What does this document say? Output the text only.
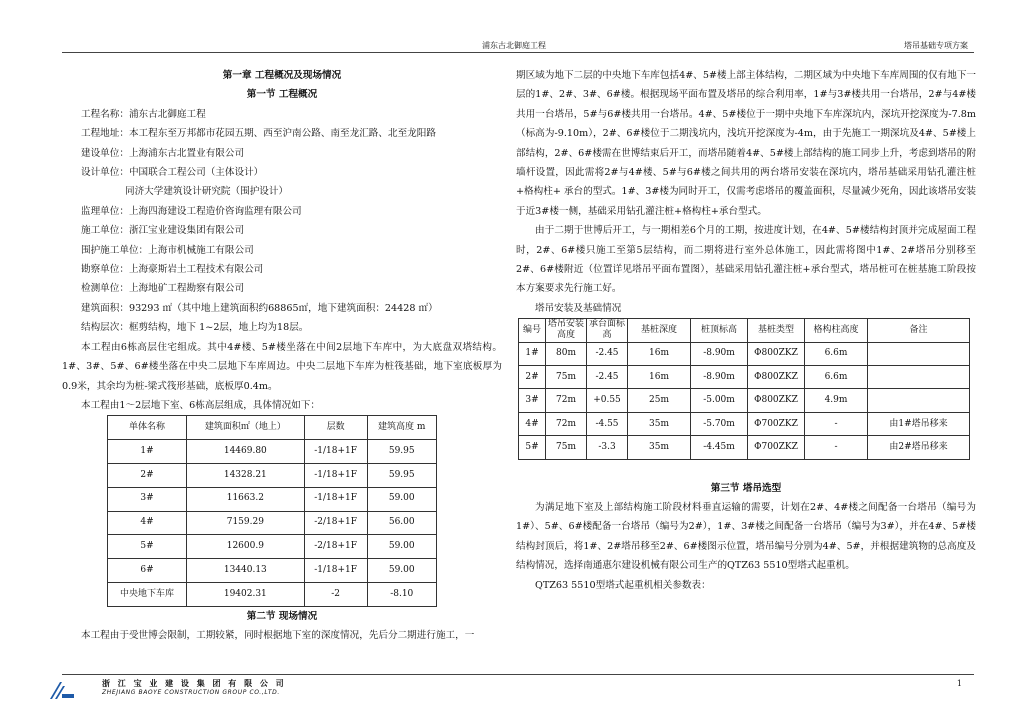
浦东古北御庭工程	塔吊基础专项方案

第一章 工程概况及现场情况

第一节 工程概况

工程名称：浦东古北御庭工程

工程地址：本工程东至万邦都市花园五期、西至沪南公路、南至龙汇路、北至龙阳路

建设单位：上海浦东古北置业有限公司

设计单位：中国联合工程公司（主体设计）

同济大学建筑设计研究院（围护设计）

监理单位：上海四海建设工程造价咨询监理有限公司

施工单位：浙江宝业建设集团有限公司

围护施工单位：上海市机械施工有限公司

勘察单位：上海豪斯岩土工程技术有限公司

检测单位：上海地矿工程勘察有限公司

建筑面积：93293 ㎡（其中地上建筑面积约68865㎡，地下建筑面积：24428 ㎡）

结构层次：框剪结构，地下 1~2层，地上均为18层。

本工程由6栋高层住宅组成。其中4#楼、5#楼坐落在中间2层地下车库中，为大底盘双塔结构。1#、3#、5#、6#楼坐落在中央二层地下车库周边。中央二层地下车库为桩筏基础，地下室底板厚为0.9米，其余均为桩-梁式筏形基础，底板厚0.4m。

本工程由1～2层地下室、6栋高层组成，具体情况如下：

单体名称	建筑面积㎡（地上）	层数	建筑高度 m
1#	14469.80	-1/18+1F	59.95
2#	14328.21	-1/18+1F	59.95
3#	11663.2	-1/18+1F	59.00
4#	7159.29	-2/18+1F	56.00
5#	12600.9	-2/18+1F	59.00
6#	13440.13	-1/18+1F	59.00
中央地下车库	19402.31	-2	-8.10

第二节 现场情况

本工程由于受世博会限制，工期较紧，同时根据地下室的深度情况，先后分二期进行施工，一

期区域为地下二层的中央地下车库包括4#、5#楼上部主体结构，二期区域为中央地下车库周围的仅有地下一层的1#、2#、3#、6#楼。根据现场平面布置及塔吊的综合利用率，1#与3#楼共用一台塔吊，2#与4#楼共用一台塔吊，5#与6#楼共用一台塔吊。4#、5#楼位于一期中央地下车库深坑内，深坑开挖深度为-7.8m（标高为-9.10m），2#、6#楼位于二期浅坑内，浅坑开挖深度为-4m，由于先施工一期深坑及4#、5#楼上部结构，2#、6#楼需在世博结束后开工，而塔吊随着4#、5#楼上部结构的施工同步上升，考虑到塔吊的附墙杆设置，因此需将2#与4#楼、5#与6#楼之间共用的两台塔吊安装在深坑内，塔吊基础采用钻孔灌注桩+格构柱+ 承台的型式。1#、3#楼为同时开工，仅需考虑塔吊的覆盖面积，尽量减少死角，因此该塔吊安装于近3#楼一侧，基础采用钻孔灌注桩+格构柱+承台型式。

由于二期于世博后开工，与一期相差6个月的工期，按进度计划，在4#、5#楼结构封顶并完成屋面工程时，2#、6#楼只施工至第5层结构，而二期将进行室外总体施工，因此需将图中1#、2#塔吊分别移至2#、6#楼附近（位置详见塔吊平面布置图），基础采用钻孔灌注桩+承台型式，塔吊桩可在桩基施工阶段按本方案要求先行施工好。

塔吊安装及基础情况

编号	塔吊安装高度	承台面标高	基桩深度	桩顶标高	基桩类型	格构柱高度	备注
1#	80m	-2.45	16m	-8.90m	Φ800ZKZ	6.6m	
2#	75m	-2.45	16m	-8.90m	Φ800ZKZ	6.6m	
3#	72m	+0.55	25m	-5.00m	Φ800ZKZ	4.9m	
4#	72m	-4.55	35m	-5.70m	Φ700ZKZ	-	由1#塔吊移来
5#	75m	-3.3	35m	-4.45m	Φ700ZKZ	-	由2#塔吊移来

第三节 塔吊选型

为满足地下室及上部结构施工阶段材料垂直运输的需要，计划在2#、4#楼之间配备一台塔吊（编号为1#）、5#、6#楼配备一台塔吊（编号为2#），1#、3#楼之间配备一台塔吊（编号为3#），并在4#、5#楼结构封顶后，将1#、2#塔吊移至2#、6#楼图示位置，塔吊编号分别为4#、5#，并根据建筑物的总高度及结构情况，选择南通惠尔建设机械有限公司生产的QTZ63 5510型塔式起重机。

QTZ63 5510型塔式起重机相关参数表：

浙 江 宝 业 建 设 集 团 有 限 公 司
ZHEJIANG BAOYE CONSTRUCTION GROUP CO.,LTD.
1
